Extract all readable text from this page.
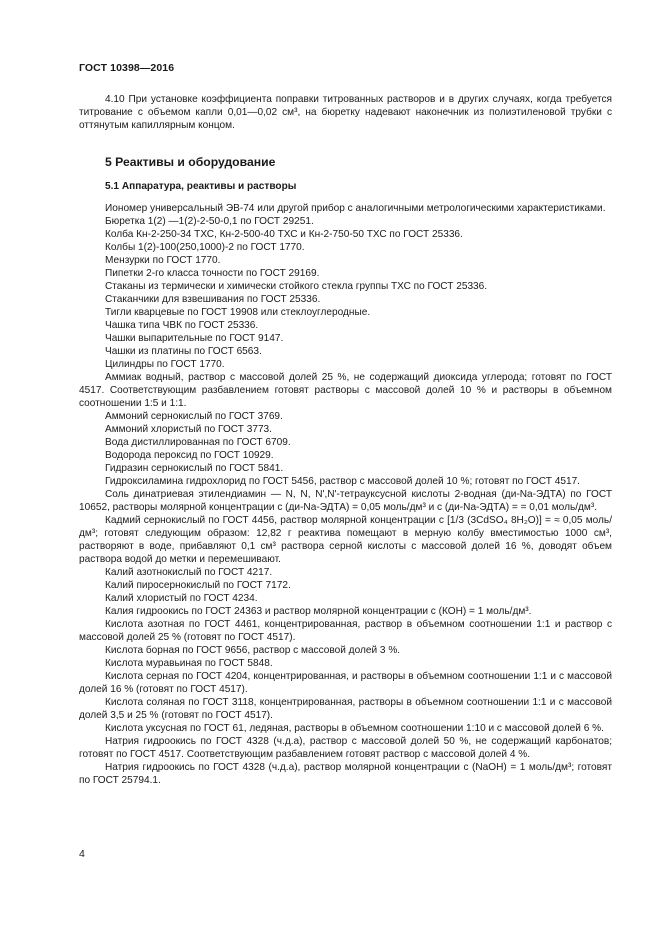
ГОСТ 10398—2016

4.10 При установке коэффициента поправки титрованных растворов и в других случаях, когда требуется титрование с объемом капли 0,01—0,02 см³, на бюретку надевают наконечник из полиэтиленовой трубки с оттянутым капиллярным концом.

5 Реактивы и оборудование
5.1 Аппаратура, реактивы и растворы

Иономер универсальный ЭВ-74 или другой прибор с аналогичными метрологическими характеристиками.

Бюретка 1(2) —1(2)-2-50-0,1 по ГОСТ 29251.

Колба Кн-2-250-34 ТХС, Кн-2-500-40 ТХС и Кн-2-750-50 ТХС по ГОСТ 25336.

Колбы 1(2)-100(250,1000)-2 по ГОСТ 1770.

Мензурки по ГОСТ 1770.

Пипетки 2-го класса точности по ГОСТ 29169.

Стаканы из термически и химически стойкого стекла группы ТХС по ГОСТ 25336.

Стаканчики для взвешивания по ГОСТ 25336.

Тигли кварцевые по ГОСТ 19908 или стеклоуглеродные.

Чашка типа ЧВК по ГОСТ 25336.

Чашки выпарительные по ГОСТ 9147.

Чашки из платины по ГОСТ 6563.

Цилиндры по ГОСТ 1770.

Аммиак водный, раствор с массовой долей 25 %, не содержащий диоксида углерода; готовят по ГОСТ 4517. Соответствующим разбавлением готовят растворы с массовой долей 10 % и растворы в объемном соотношении 1:5 и 1:1.

Аммоний сернокислый по ГОСТ 3769.

Аммоний хлористый по ГОСТ 3773.

Вода дистиллированная по ГОСТ 6709.

Водорода пероксид по ГОСТ 10929.

Гидразин сернокислый по ГОСТ 5841.

Гидроксиламина гидрохлорид по ГОСТ 5456, раствор с массовой долей 10 %; готовят по ГОСТ 4517.

Соль динатриевая этилендиамин — N, N, N',N'-тетрауксусной кислоты 2-водная (ди-Na-ЭДТА) по ГОСТ 10652, растворы молярной концентрации с (ди-Na-ЭДТА) = 0,05 моль/дм³ и с (ди-Na-ЭДТА) = = 0,01 моль/дм³.

Кадмий сернокислый по ГОСТ 4456, раствор молярной концентрации с [1/3 (3CdSO₄ 8H₂O)] = ≈ 0,05 моль/дм³; готовят следующим образом: 12,82 г реактива помещают в мерную колбу вместимостью 1000 см³, растворяют в воде, прибавляют 0,1 см³ раствора серной кислоты с массовой долей 16 %, доводят объем раствора водой до метки и перемешивают.

Калий азотнокислый по ГОСТ 4217.

Калий пиросернокислый по ГОСТ 7172.

Калий хлористый по ГОСТ 4234.

Калия гидроокись по ГОСТ 24363 и раствор молярной концентрации с (КОН) = 1 моль/дм³.

Кислота азотная по ГОСТ 4461, концентрированная, раствор в объемном соотношении 1:1 и раствор с массовой долей 25 % (готовят по ГОСТ 4517).

Кислота борная по ГОСТ 9656, раствор с массовой долей 3 %.

Кислота муравьиная по ГОСТ 5848.

Кислота серная по ГОСТ 4204, концентрированная, и растворы в объемном соотношении 1:1 и с массовой долей 16 % (готовят по ГОСТ 4517).

Кислота соляная по ГОСТ 3118, концентрированная, растворы в объемном соотношении 1:1 и с массовой долей 3,5 и 25 % (готовят по ГОСТ 4517).

Кислота уксусная по ГОСТ 61, ледяная, растворы в объемном соотношении 1:10 и с массовой долей 6 %.

Натрия гидроокись по ГОСТ 4328 (ч.д.а), раствор с массовой долей 50 %, не содержащий карбонатов; готовят по ГОСТ 4517. Соответствующим разбавлением готовят раствор с массовой долей 4 %.

Натрия гидроокись по ГОСТ 4328 (ч.д.а), раствор молярной концентрации с (NaOH) = 1 моль/дм³; готовят по ГОСТ 25794.1.

4
